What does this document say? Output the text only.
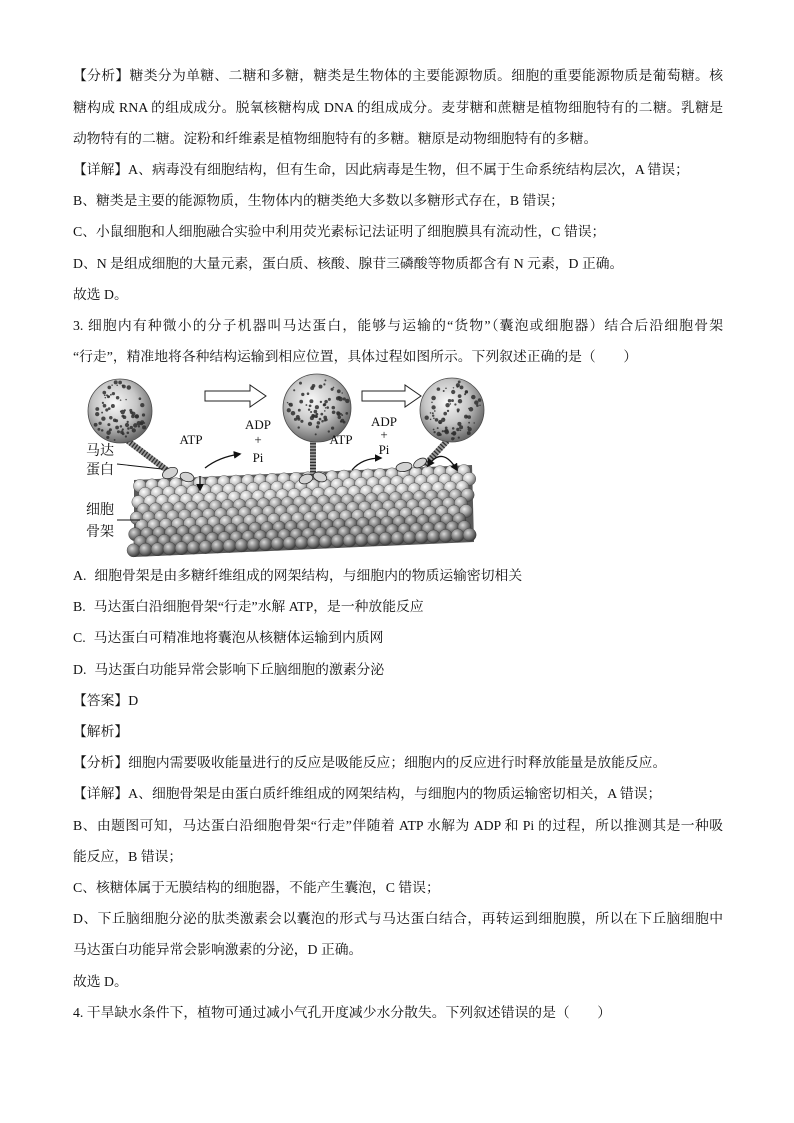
【分析】糖类分为单糖、二糖和多糖，糖类是生物体的主要能源物质。细胞的重要能源物质是葡萄糖。核
糖构成 RNA 的组成成分。脱氧核糖构成 DNA 的组成成分。麦芽糖和蔗糖是植物细胞特有的二糖。乳糖是
动物特有的二糖。淀粉和纤维素是植物细胞特有的多糖。糖原是动物细胞特有的多糖。
【详解】A、病毒没有细胞结构，但有生命，因此病毒是生物，但不属于生命系统结构层次，A 错误；
B、糖类是主要的能源物质，生物体内的糖类绝大多数以多糖形式存在，B 错误；
C、小鼠细胞和人细胞融合实验中利用荧光素标记法证明了细胞膜具有流动性，C 错误；
D、N 是组成细胞的大量元素，蛋白质、核酸、腺苷三磷酸等物质都含有 N 元素，D 正确。
故选 D。
3. 细胞内有种微小的分子机器叫马达蛋白，能够与运输的“货物”（囊泡或细胞器）结合后沿细胞骨架
“行走”，精准地将各种结构运输到相应位置，具体过程如图所示。下列叙述正确的是（　　）
ATP
ADP
+
Pi
ATP
ADP
+
Pi
马达
蛋白
细胞
骨架
A. 细胞骨架是由多糖纤维组成的网架结构，与细胞内的物质运输密切相关
B. 马达蛋白沿细胞骨架“行走”水解 ATP，是一种放能反应
C. 马达蛋白可精准地将囊泡从核糖体运输到内质网
D. 马达蛋白功能异常会影响下丘脑细胞的激素分泌
【答案】D
【解析】
【分析】细胞内需要吸收能量进行的反应是吸能反应；细胞内的反应进行时释放能量是放能反应。
【详解】A、细胞骨架是由蛋白质纤维组成的网架结构，与细胞内的物质运输密切相关，A 错误；
B、由题图可知，马达蛋白沿细胞骨架“行走”伴随着 ATP 水解为 ADP 和 Pi 的过程，所以推测其是一种吸
能反应，B 错误；
C、核糖体属于无膜结构的细胞器，不能产生囊泡，C 错误；
D、下丘脑细胞分泌的肽类激素会以囊泡的形式与马达蛋白结合，再转运到细胞膜，所以在下丘脑细胞中
马达蛋白功能异常会影响激素的分泌，D 正确。
故选 D。
4. 干旱缺水条件下，植物可通过减小气孔开度减少水分散失。下列叙述错误的是（　　）
